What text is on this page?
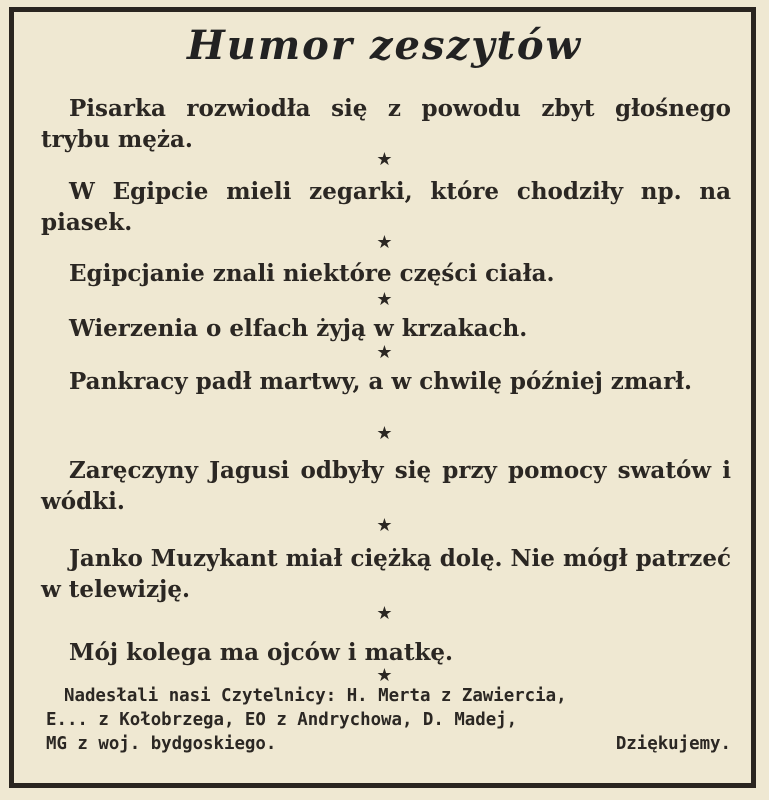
Humor zeszytów

Pisarka rozwiodła się z powodu zbyt głośnego trybu męża.

★

W Egipcie mieli zegarki, które chodziły np. na piasek.

★

Egipcjanie znali niektóre części ciała.

★

Wierzenia o elfach żyją w krzakach.

★

Pankracy padł martwy, a w chwilę później zmarł.

★

Zaręczyny Jagusi odbyły się przy pomocy swatów i wódki.

★

Janko Muzykant miał ciężką dolę. Nie mógł patrzeć w telewizję.

★

Mój kolega ma ojców i matkę.

★
Nadesłali nasi Czytelnicy: H. Merta z Zawiercia,
E... z Kołobrzega, EO z Andrychowa, D. Madej,
MG z woj. bydgoskiego.	Dziękujemy.
